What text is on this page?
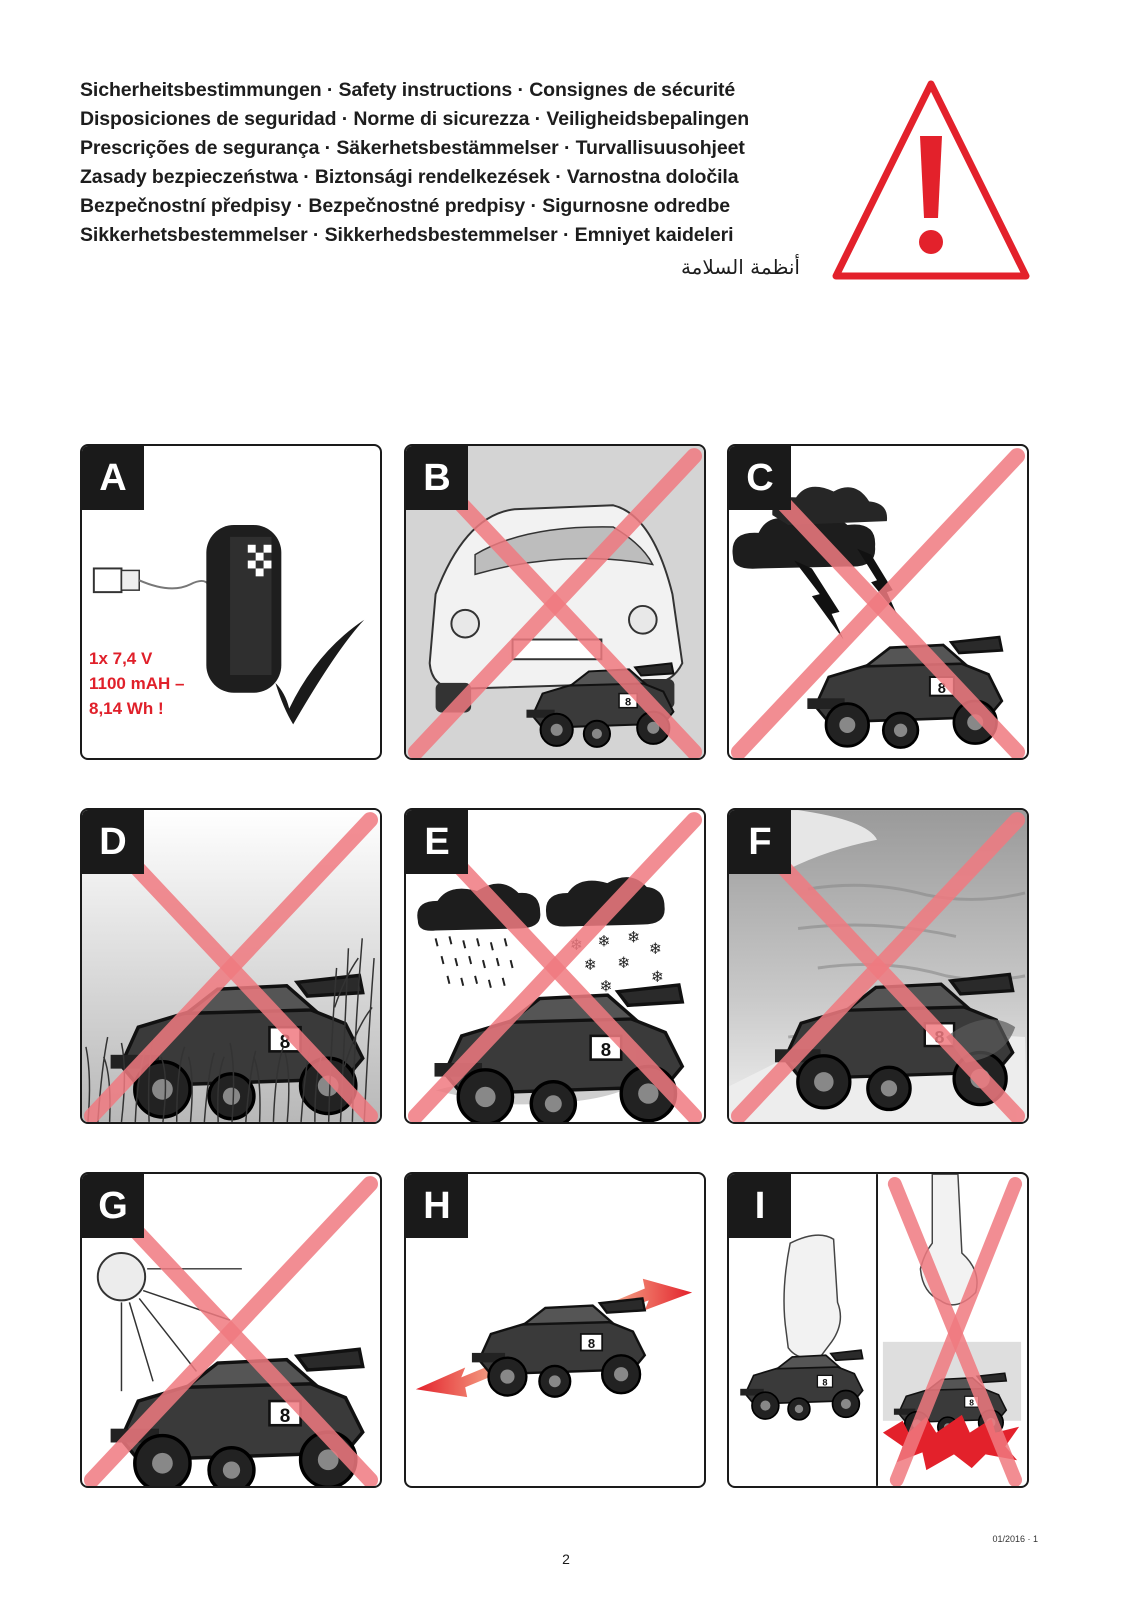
Sicherheitsbestimmungen · Safety instructions · Consignes de sécurité
Disposiciones de seguridad · Norme di sicurezza · Veiligheidsbepalingen
Prescrições de segurança · Säkerhetsbestämmelser · Turvallisuusohjeet
Zasady bezpieczeństwa · Biztonsági rendelkezések · Varnostna določila
Bezpečnostní předpisy · Bezpečnostné predpisy · Sigurnosne odredbe
Sikkerhetsbestemmelser · Sikkerhedsbestemmelser · Emniyet kaideleri
أنظمة السلامة
A
1x 7,4 V
1100 mAH –
8,14 Wh !
B	C
D	E
❄ ❄
❄
❄ ❄
❄
❄
F
G	H	I
01/2016 · 1
2
